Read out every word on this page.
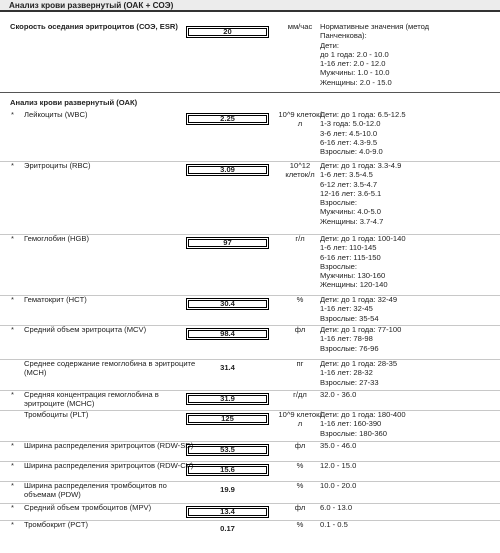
Анализ крови развернутый (ОАК + СОЭ)
Скорость оседания эритроцитов (СОЭ, ESR)
20
мм/час	Нормативные значения (метод
Панченкова):
Дети:
до 1 года: 2.0 - 10.0
1-16 лет: 2.0 - 12.0
Мужчины: 1.0 - 10.0
Женщины: 2.0 - 15.0
Анализ крови развернутый (ОАК)
* Лейкоциты (WBC)	2.25	10^9 клеток/л
Дети: до 1 года: 6.5-12.5
1-3 года: 5.0-12.0
3-6 лет: 4.5-10.0
6-16 лет: 4.3-9.5
Взрослые: 4.0-9.0
* Эритроциты (RBC)	3.09	10^12 клеток/л
Дети: до 1 года: 3.3-4.9
1-6 лет: 3.5-4.5
6-12 лет: 3.5-4.7
12-16 лет: 3.6-5.1
Взрослые:
Мужчины: 4.0-5.0
Женщины: 3.7-4.7
* Гемоглобин (HGB)	97	г/л	Дети: до 1 года: 100-140
1-6 лет: 110-145
6-16 лет: 115-150
Взрослые:
Мужчины: 130-160
Женщины: 120-140
* Гематокрит (HCT)	30.4	%	Дети: до 1 года: 32-49
1-16 лет: 32-45
Взрослые: 35-54
* Средний объем эритроцита (MCV)	98.4	фл	Дети: до 1 года: 77-100
1-16 лет: 78-98
Взрослые: 76-96
Среднее содержание гемоглобина в эритроците (MCH)
31.4	пг	Дети: до 1 года: 28-35
1-16 лет: 28-32
Взрослые: 27-33
* Средняя концентрация гемоглобина в эритроците (MCHC)
31.9	г/дл	32.0 - 36.0
Тромбоциты (PLT)	125	10^9 клеток/л
Дети: до 1 года: 180-400
1-16 лет: 160-390
Взрослые: 180-360
* Ширина распределения эритроцитов (RDW-SD)	53.5	фл	35.0 - 46.0
* Ширина распределения эритроцитов (RDW-CV)	15.6	%	12.0 - 15.0
* Ширина распределения тромбоцитов по объемам (PDW)
19.9	%	10.0 - 20.0
* Средний объем тромбоцитов (MPV)	13.4	фл	6.0 - 13.0
* Тромбокрит (PCT)	0.17	%	0.1 - 0.5
